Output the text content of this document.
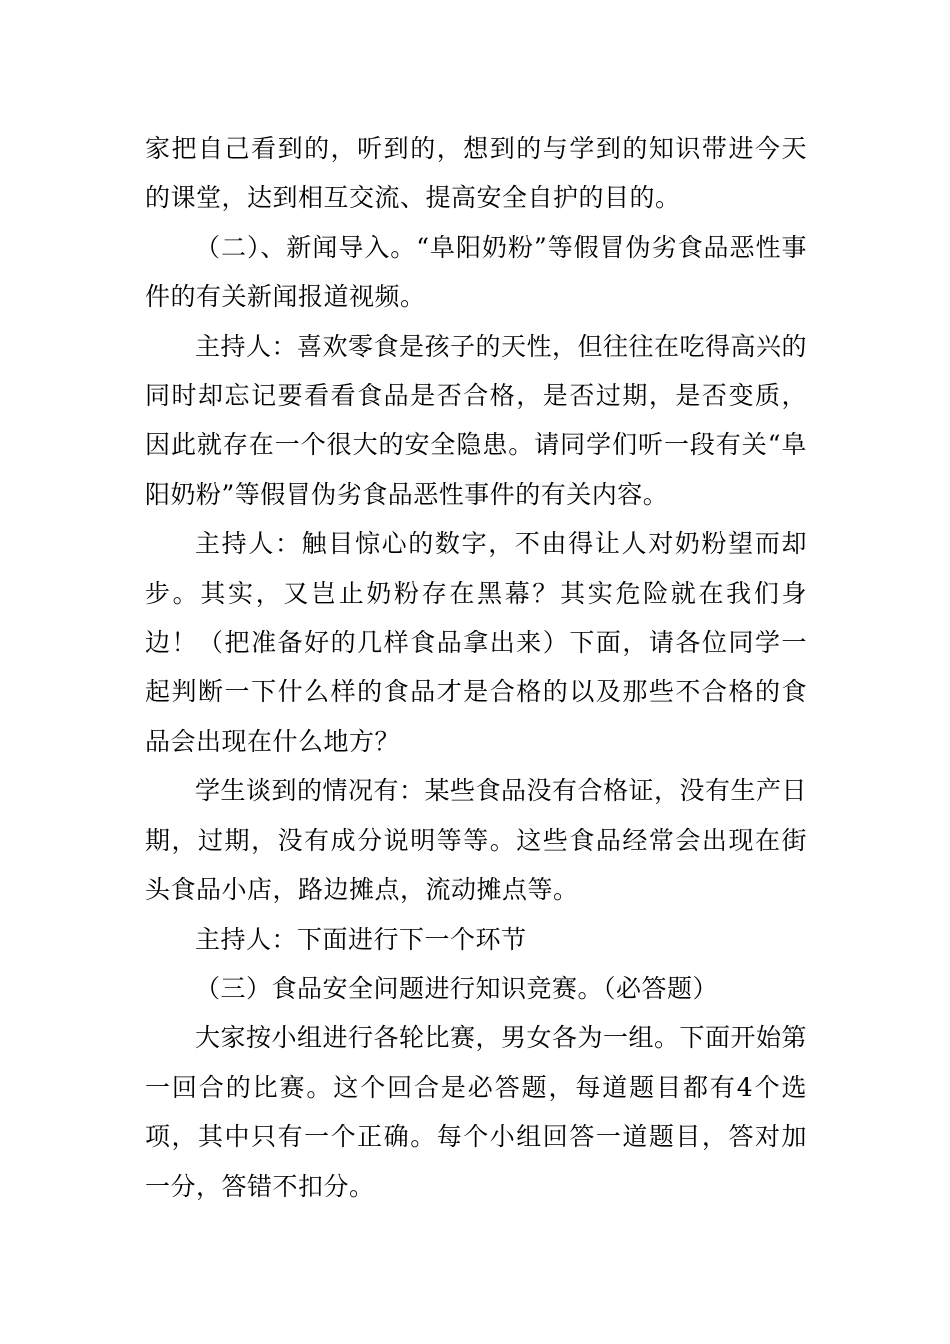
家把自己看到的，听到的，想到的与学到的知识带进今天的课堂，达到相互交流、提高安全自护的目的。

（二）、新闻导入。“阜阳奶粉”等假冒伪劣食品恶性事件的有关新闻报道视频。

主持人：喜欢零食是孩子的天性，但往往在吃得高兴的同时却忘记要看看食品是否合格，是否过期，是否变质，因此就存在一个很大的安全隐患。请同学们听一段有关“阜阳奶粉”等假冒伪劣食品恶性事件的有关内容。

主持人：触目惊心的数字，不由得让人对奶粉望而却步。其实，又岂止奶粉存在黑幕？其实危险就在我们身边！（把准备好的几样食品拿出来）下面，请各位同学一起判断一下什么样的食品才是合格的以及那些不合格的食品会出现在什么地方？

学生谈到的情况有：某些食品没有合格证，没有生产日期，过期，没有成分说明等等。这些食品经常会出现在街头食品小店，路边摊点，流动摊点等。

主持人：下面进行下一个环节

（三）食品安全问题进行知识竞赛。（必答题）

大家按小组进行各轮比赛，男女各为一组。下面开始第一回合的比赛。这个回合是必答题，每道题目都有4个选项，其中只有一个正确。每个小组回答一道题目，答对加一分，答错不扣分。
